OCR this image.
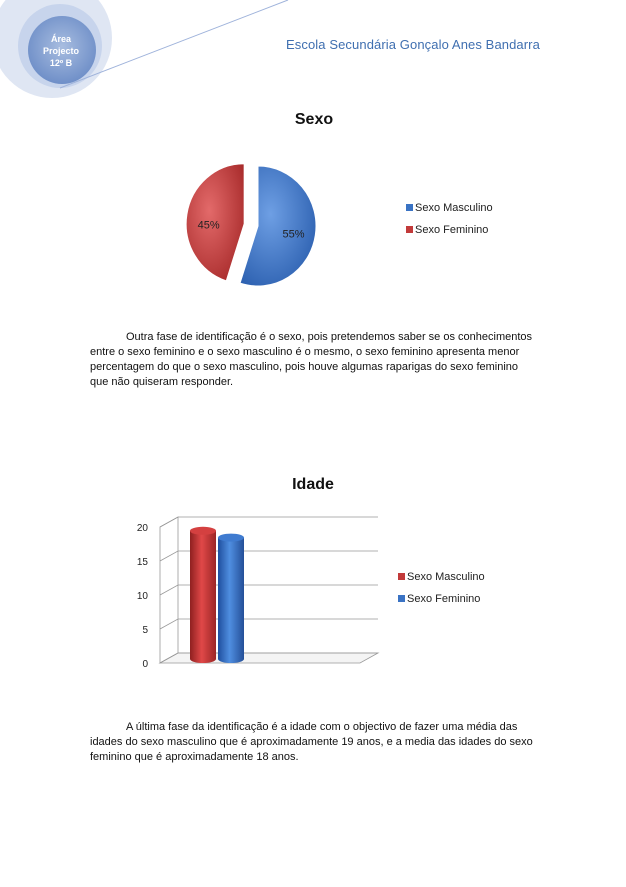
Área
Projecto
12º B
Escola Secundária Gonçalo Anes Bandarra
Sexo
55%
45%
Sexo Masculino
Sexo Feminino

Outra fase de identificação é o sexo, pois pretendemos saber se os conhecimentos entre o sexo feminino e o sexo masculino é o mesmo, o sexo feminino apresenta menor percentagem do que o sexo masculino, pois houve algumas raparigas do sexo feminino que não quiseram responder.

Idade
0
5
10
15
20
Sexo Masculino
Sexo Feminino

A última fase da identificação é a idade com o objectivo de fazer uma média das idades do sexo masculino que é aproximadamente 19 anos, e a media das idades do sexo feminino que é aproximadamente 18 anos.
